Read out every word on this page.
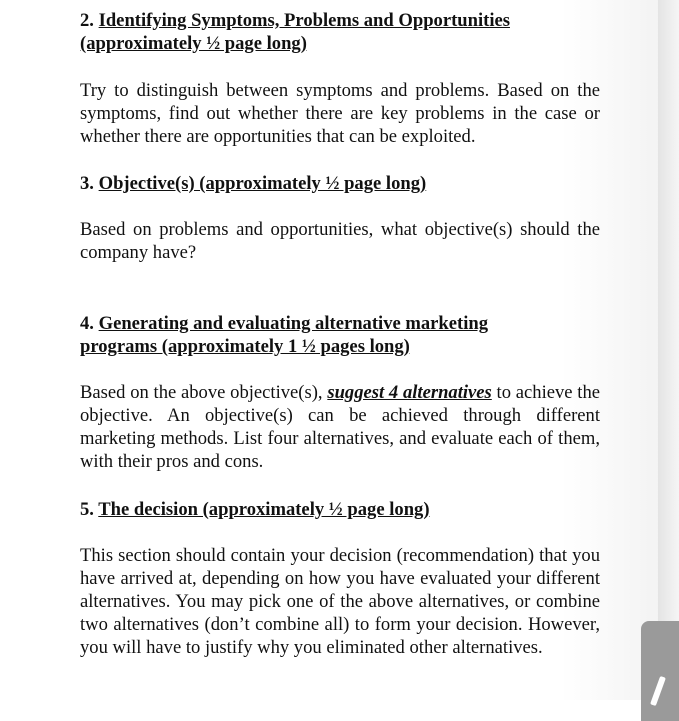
2. Identifying Symptoms, Problems and Opportunities
(approximately ½ page long)
Try to distinguish between symptoms and problems. Based on the symptoms, find out whether there are key problems in the case or whether there are opportunities that can be exploited.
3. Objective(s) (approximately ½ page long)
Based on problems and opportunities, what objective(s) should the company have?
4. Generating and evaluating alternative marketing
programs (approximately 1 ½ pages long)
Based on the above objective(s), suggest 4 alternatives to achieve the objective. An objective(s) can be achieved through different marketing methods. List four alternatives, and evaluate each of them, with their pros and cons.
5. The decision (approximately ½ page long)
This section should contain your decision (recommendation) that you have arrived at, depending on how you have evaluated your different alternatives. You may pick one of the above alternatives, or combine two alternatives (don’t combine all) to form your decision. However, you will have to justify why you eliminated other alternatives.
